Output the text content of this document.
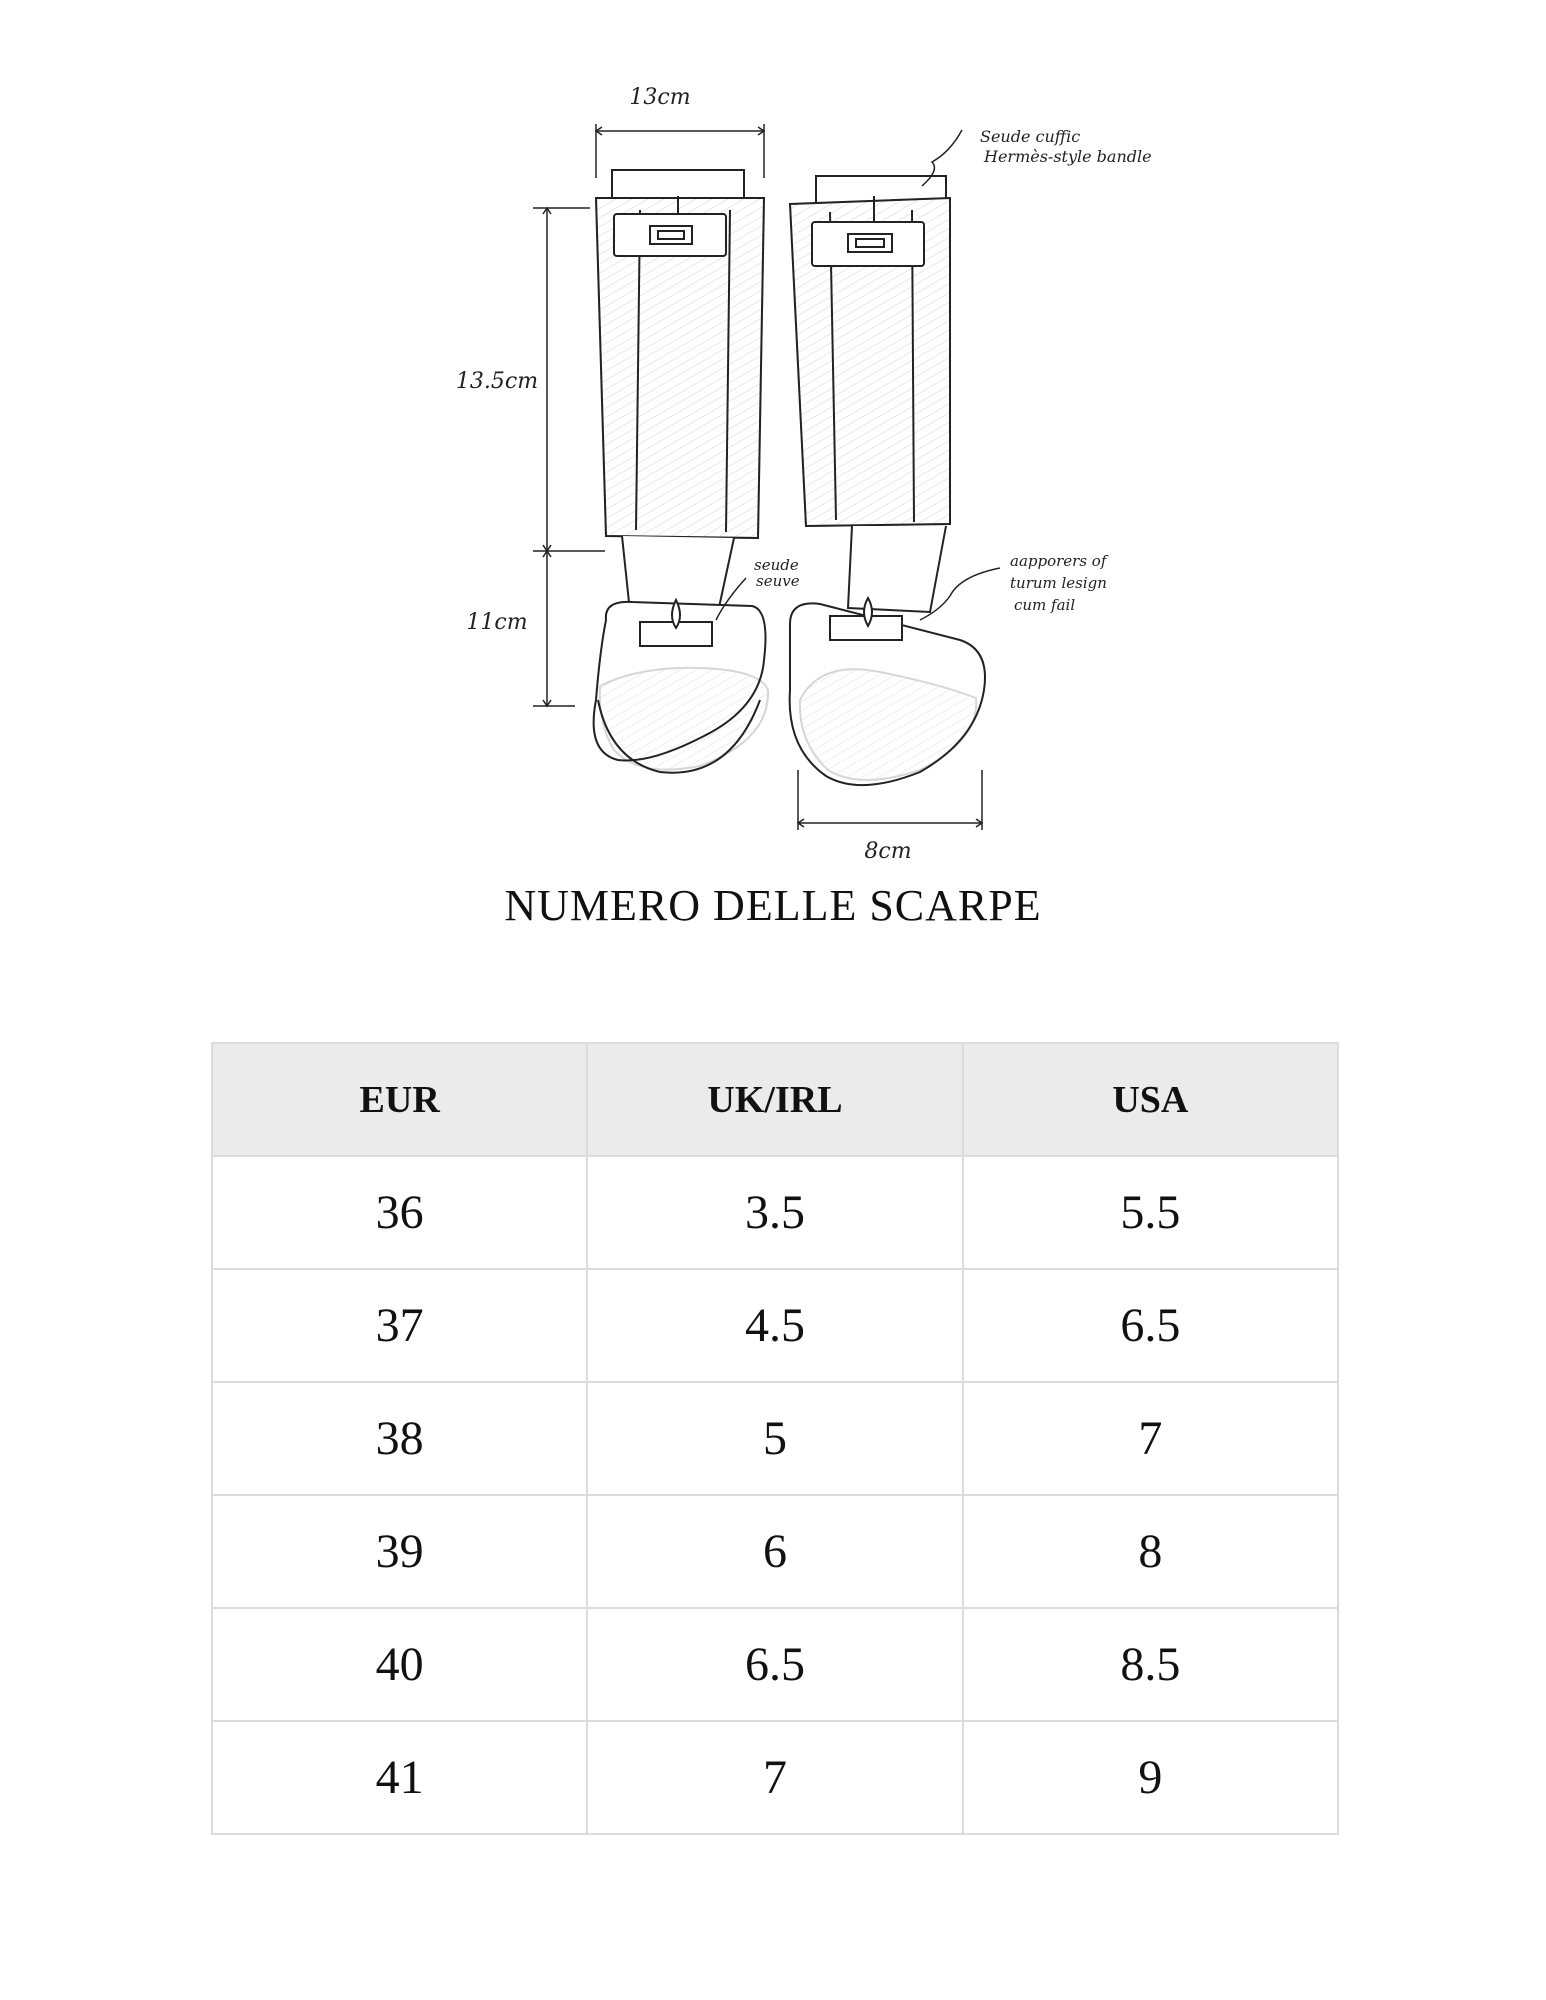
13cm
13.5cm
11cm
8cm
Seude cuffic
Hermès-style bandle
seude
seuve
aapporers of
turum lesign
cum fail
NUMERO DELLE SCARPE
EUR	UK/IRL	USA
36	3.5	5.5
37	4.5	6.5
38	5	7
39	6	8
40	6.5	8.5
41	7	9
